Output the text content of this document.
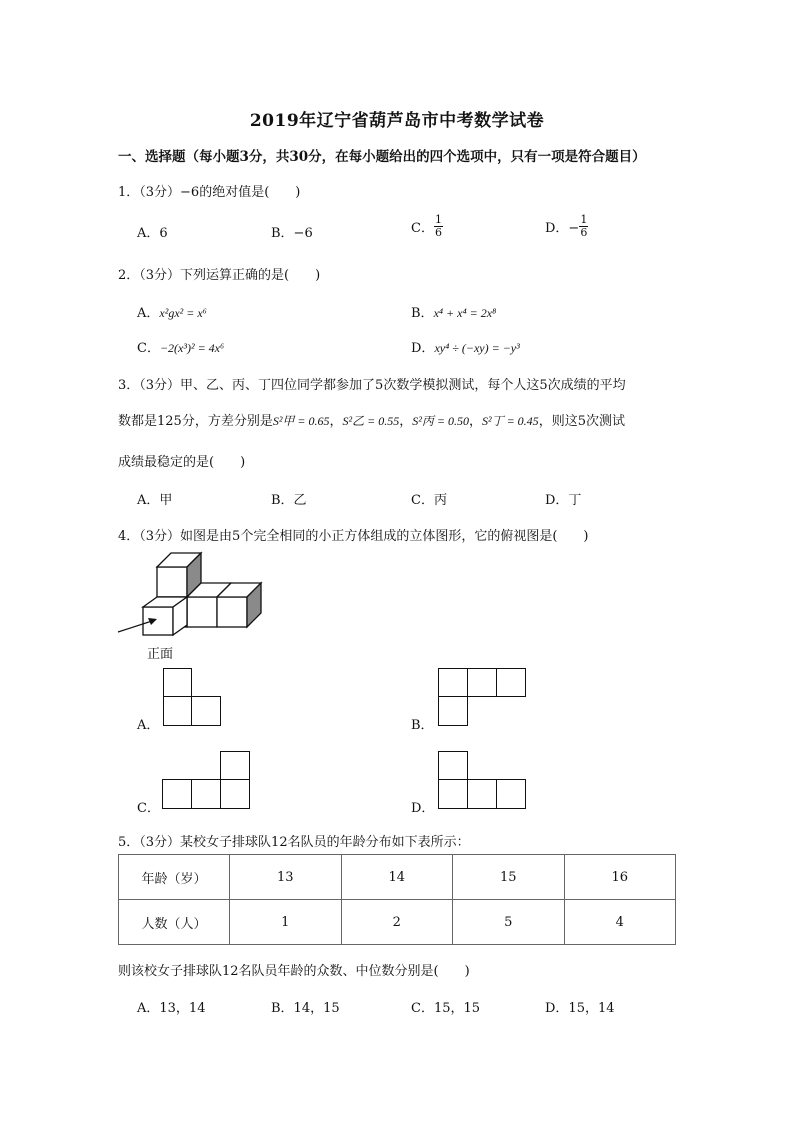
2019年辽宁省葫芦岛市中考数学试卷
一、选择题（每小题3分，共30分，在每小题给出的四个选项中，只有一项是符合题目）
1．（3分）−6的绝对值是(　　)
A．6	B．−6	C． $\frac{1}{6}$	D．− $\frac{1}{6}$
2．（3分）下列运算正确的是(　　)
A．x²gx² = x⁶	B．x⁴ + x⁴ = 2x⁸
C．−2(x³)² = 4x⁶	D．xy⁴ ÷ (−xy) = −y³
3．（3分）甲、乙、丙、丁四位同学都参加了5次数学模拟测试，每个人这5次成绩的平均
数都是125分，方差分别是S²甲 = 0.65，S²乙 = 0.55，S²丙 = 0.50，S²丁 = 0.45，则这5次测试
成绩最稳定的是(　　)
A．甲	B．乙	C．丙	D．丁
4．（3分）如图是由5个完全相同的小正方体组成的立体图形，它的俯视图是(　　)
正面
A．	B．
C．	D．
5．（3分）某校女子排球队12名队员的年龄分布如下表所示：
年龄（岁）	13	14	15	16
人数（人）	1	2	5	4
则该校女子排球队12名队员年龄的众数、中位数分别是(　　)
A．13，14	B．14，15	C．15，15	D．15，14
